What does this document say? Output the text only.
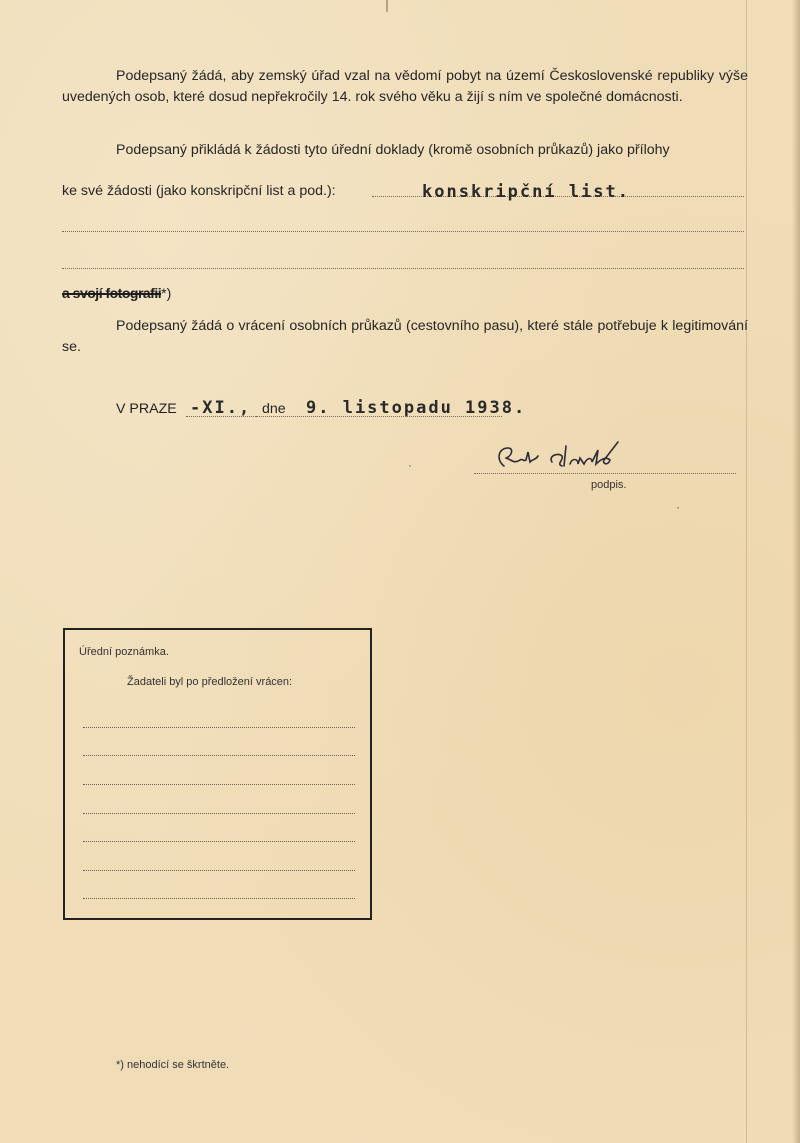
Podepsaný žádá, aby zemský úřad vzal na vědomí pobyt na území Československé republiky výše uvedených osob, které dosud nepřekročily 14. rok svého věku a žijí s ním ve společné domácnosti.

Podepsaný přikládá k žádosti tyto úřední doklady (kromě osobních průkazů) jako přílohy

ke své žádosti (jako konskripční list a pod.):	konskripční list.
a svojí fotografii*)

Podepsaný žádá o vrácení osobních průkazů (cestovního pasu), které stále potřebuje k legitimování se.

V PRAZE -XI., dne 9. listopadu 1938.
podpis.
·
·
Úřední poznámka.
Žadateli byl po předložení vrácen:
*) nehodící se škrtněte.
